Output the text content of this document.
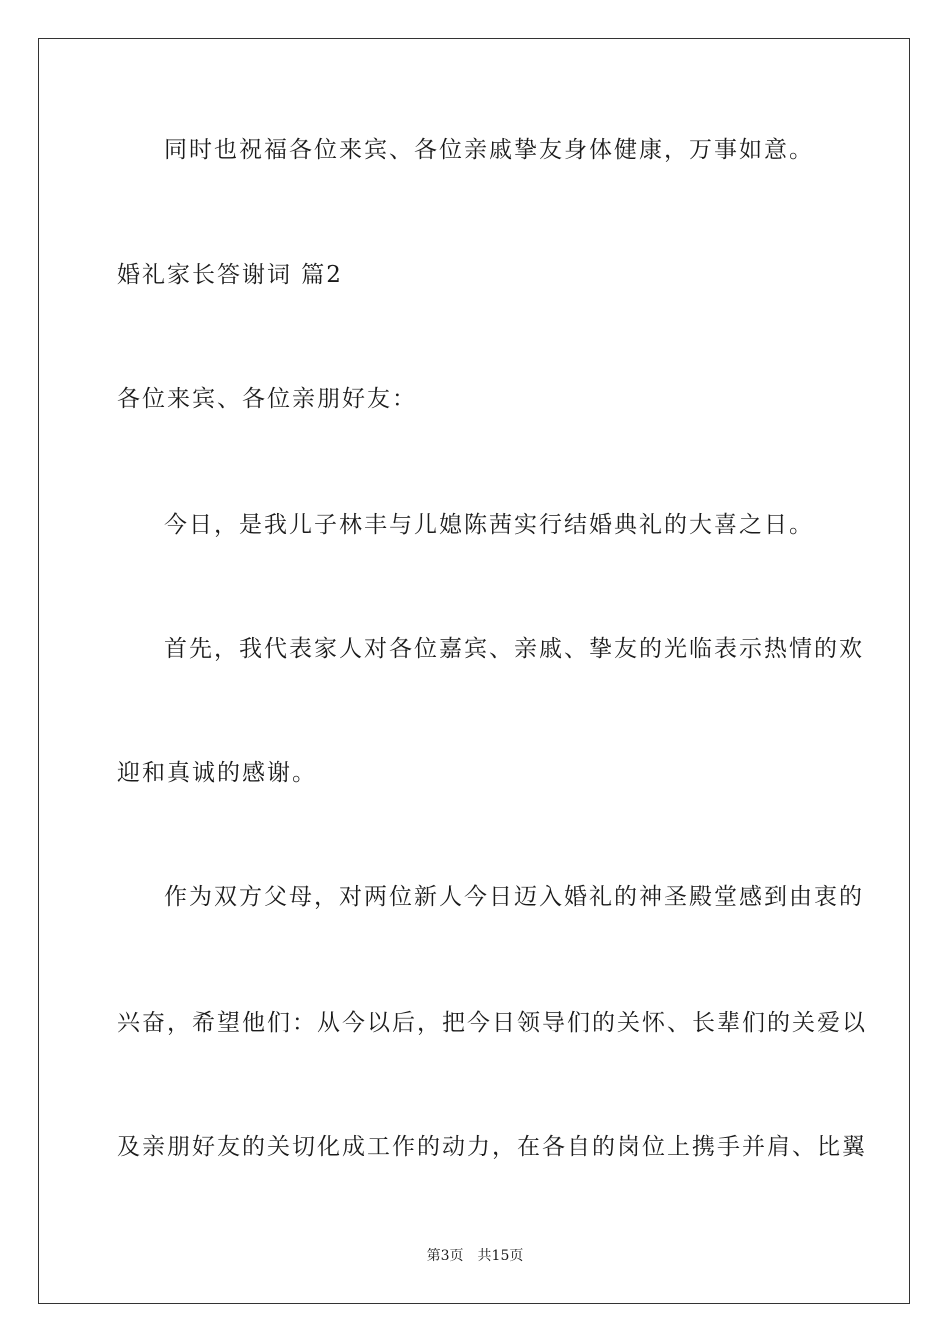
同时也祝福各位来宾、各位亲戚挚友身体健康，万事如意。
婚礼家长答谢词 篇2
各位来宾、各位亲朋好友：
今日，是我儿子林丰与儿媳陈茜实行结婚典礼的大喜之日。
首先，我代表家人对各位嘉宾、亲戚、挚友的光临表示热情的欢
迎和真诚的感谢。
作为双方父母，对两位新人今日迈入婚礼的神圣殿堂感到由衷的
兴奋，希望他们：从今以后，把今日领导们的关怀、长辈们的关爱以
及亲朋好友的关切化成工作的动力，在各自的岗位上携手并肩、比翼
第3页 共15页
